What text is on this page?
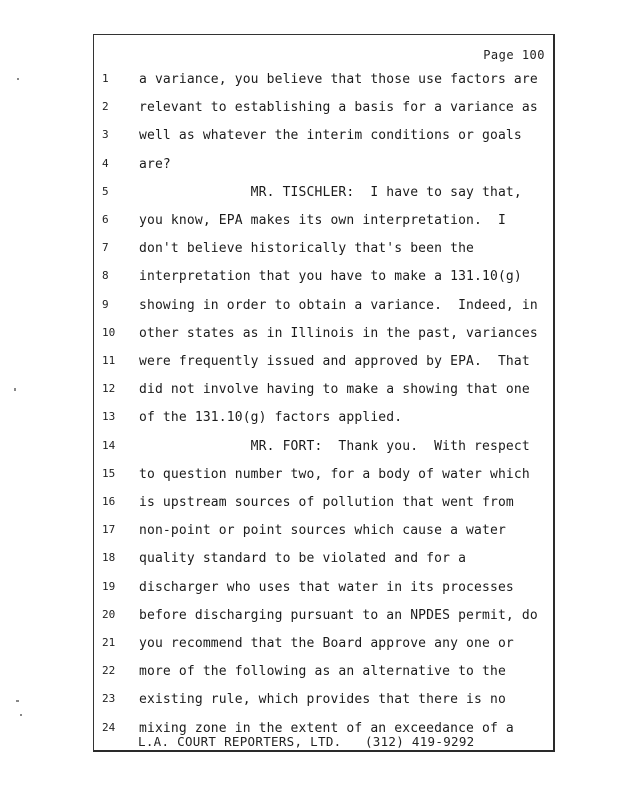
Page 100
1	a variance, you believe that those use factors are
2	relevant to establishing a basis for a variance as
3	well as whatever the interim conditions or goals
4	are?
5	MR. TISCHLER:  I have to say that,
6	you know, EPA makes its own interpretation.  I
7	don't believe historically that's been the
8	interpretation that you have to make a 131.10(g)
9	showing in order to obtain a variance.  Indeed, in
10	other states as in Illinois in the past, variances
11	were frequently issued and approved by EPA.  That
12	did not involve having to make a showing that one
13	of the 131.10(g) factors applied.
14	MR. FORT:  Thank you.  With respect
15	to question number two, for a body of water which
16	is upstream sources of pollution that went from
17	non-point or point sources which cause a water
18	quality standard to be violated and for a
19	discharger who uses that water in its processes
20	before discharging pursuant to an NPDES permit, do
21	you recommend that the Board approve any one or
22	more of the following as an alternative to the
23	existing rule, which provides that there is no
24	mixing zone in the extent of an exceedance of a
L.A. COURT REPORTERS, LTD.   (312) 419-9292
